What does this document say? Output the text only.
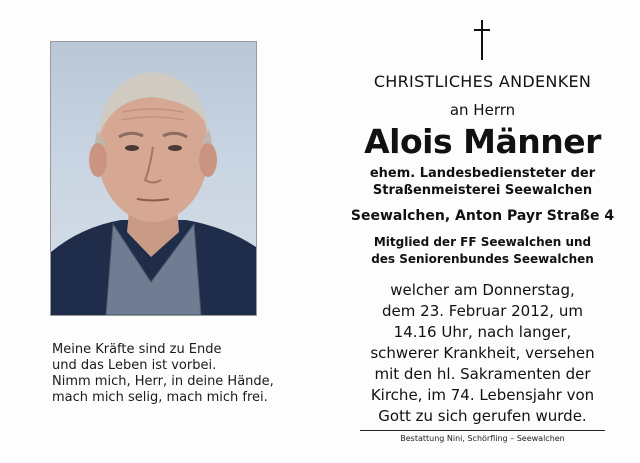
Meine Kräfte sind zu Ende
und das Leben ist vorbei.
Nimm mich, Herr, in deine Hände,
mach mich selig, mach mich frei.
CHRISTLICHES ANDENKEN
an Herrn
Alois Männer
ehem. Landesbediensteter der
Straßenmeisterei Seewalchen
Seewalchen, Anton Payr Straße 4
Mitglied der FF Seewalchen und
des Seniorenbundes Seewalchen
welcher am Donnerstag,
dem 23. Februar 2012, um
14.16 Uhr, nach langer,
schwerer Krankheit, versehen
mit den hl. Sakramenten der
Kirche, im 74. Lebensjahr von
Gott zu sich gerufen wurde.
Bestattung Nini, Schörfling – Seewalchen
